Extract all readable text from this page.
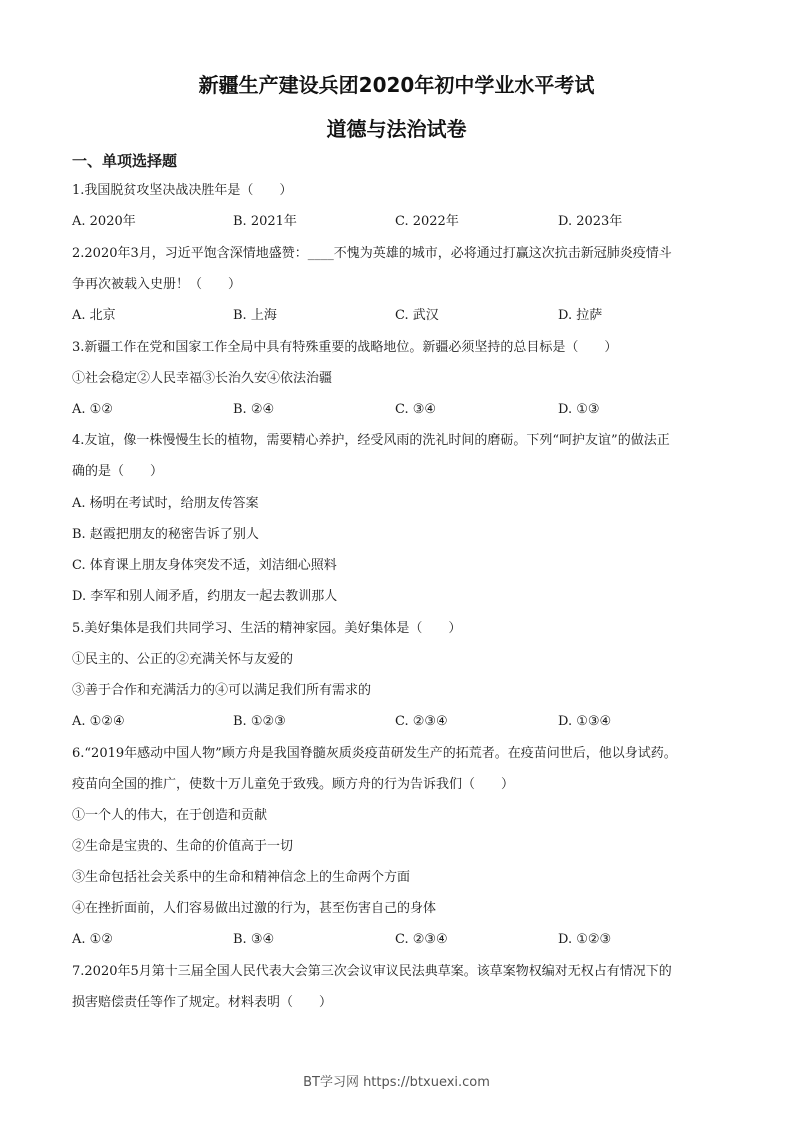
新疆生产建设兵团2020年初中学业水平考试
道德与法治试卷
一、单项选择题
1.我国脱贫攻坚决战决胜年是（　　）
A. 2020年	B. 2021年	C. 2022年	D. 2023年
2.2020年3月，习近平饱含深情地盛赞：____不愧为英雄的城市，必将通过打赢这次抗击新冠肺炎疫情斗
争再次被载入史册！（　　）
A. 北京	B. 上海	C. 武汉	D. 拉萨
3.新疆工作在党和国家工作全局中具有特殊重要的战略地位。新疆必须坚持的总目标是（　　）
①社会稳定②人民幸福③长治久安④依法治疆
A. ①②	B. ②④	C. ③④	D. ①③
4.友谊，像一株慢慢生长的植物，需要精心养护，经受风雨的洗礼时间的磨砺。下列“呵护友谊”的做法正
确的是（　　）
A. 杨明在考试时，给朋友传答案
B. 赵霞把朋友的秘密告诉了别人
C. 体育课上朋友身体突发不适，刘洁细心照料
D. 李军和别人闹矛盾，约朋友一起去教训那人
5.美好集体是我们共同学习、生活的精神家园。美好集体是（　　）
①民主的、公正的②充满关怀与友爱的
③善于合作和充满活力的④可以满足我们所有需求的
A. ①②④	B. ①②③	C. ②③④	D. ①③④
6.“2019年感动中国人物”顾方舟是我国脊髓灰质炎疫苗研发生产的拓荒者。在疫苗问世后，他以身试药。
疫苗向全国的推广，使数十万儿童免于致残。顾方舟的行为告诉我们（　　）
①一个人的伟大，在于创造和贡献
②生命是宝贵的、生命的价值高于一切
③生命包括社会关系中的生命和精神信念上的生命两个方面
④在挫折面前，人们容易做出过激的行为，甚至伤害自己的身体
A. ①②	B. ③④	C. ②③④	D. ①②③
7.2020年5月第十三届全国人民代表大会第三次会议审议民法典草案。该草案物权编对无权占有情况下的
损害赔偿责任等作了规定。材料表明（　　）
BT学习网 https://btxuexi.com
